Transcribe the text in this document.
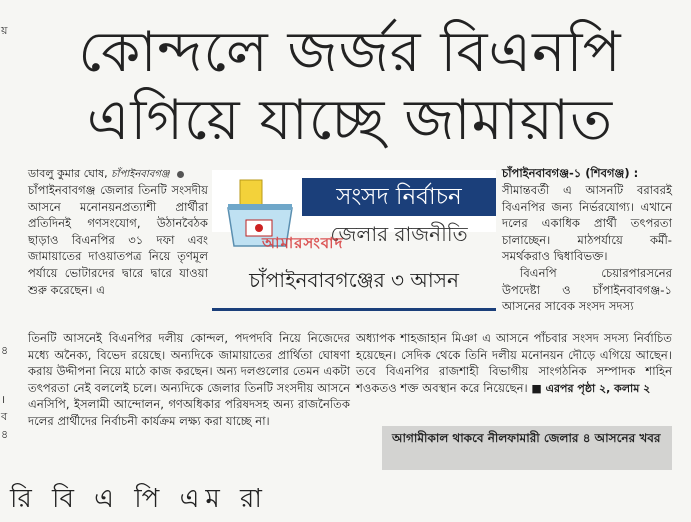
য়
৪
।
ব
৪
কোন্দলে জর্জর বিএনপি
এগিয়ে যাচ্ছে জামায়াত
ডাবলু কুমার ঘোষ, চাঁপাইনবাবগঞ্জ
চাঁপাইনবাবগঞ্জ জেলার তিনটি সংসদীয় আসনে মনোনয়নপ্রত্যাশী প্রার্থীরা প্রতিদিনই গণসংযোগ, উঠানবৈঠক ছাড়াও বিএনপির ৩১ দফা এবং জামায়াতের দাওয়াতপত্র নিয়ে তৃণমূল পর্যায়ে ভোটারদের দ্বারে দ্বারে যাওয়া শুরু করেছেন। এ
সংসদ নির্বাচন
জেলার রাজনীতি
আমারসংবাদ
চাঁপাইনবাবগঞ্জের ৩ আসন
চাঁপাইনবাবগঞ্জ-১ (শিবগঞ্জ) :

সীমান্তবর্তী এ আসনটি বরাবরই বিএনপির জন্য নির্ভরযোগ্য। এখানে দলের একাধিক প্রার্থী তৎপরতা চালাচ্ছেন। মাঠপর্যায়ে কর্মী-সমর্থকরাও দ্বিধাবিভক্ত।

বিএনপি চেয়ারপারসনের উপদেষ্টা ও চাঁপাইনবাবগঞ্জ-১ আসনের সাবেক সংসদ সদস্য

তিনটি আসনেই বিএনপির দলীয় কোন্দল, পদপদবি নিয়ে নিজেদের মধ্যে অনৈক্য, বিভেদ রয়েছে। অন্যদিকে জামায়াতের প্রার্থিতা ঘোষণা করায় উদ্দীপনা নিয়ে মাঠে কাজ করছেন। অন্য দলগুলোর তেমন একটা তৎপরতা নেই বললেই চলে। অন্যদিকে জেলার তিনটি সংসদীয় আসনে এনসিপি, ইসলামী আন্দোলন, গণঅধিকার পরিষদসহ অন্য রাজনৈতিক দলের প্রার্থীদের নির্বাচনী কার্যক্রম লক্ষ্য করা যাচ্ছে না।
অধ্যাপক শাহজাহান মিঞা এ আসনে পাঁচবার সংসদ সদস্য নির্বাচিত হয়েছেন। সেদিক থেকে তিনি দলীয় মনোনয়ন দৌড়ে এগিয়ে আছেন। তবে বিএনপির রাজশাহী বিভাগীয় সাংগঠনিক সম্পাদক শাহিন শওকতও শক্ত অবস্থান করে নিয়েছেন। ■ এরপর পৃষ্ঠা ২, কলাম ২
আগামীকাল থাকবে নীলফামারী জেলার ৪ আসনের খবর
রি বি এ পি এম রা
